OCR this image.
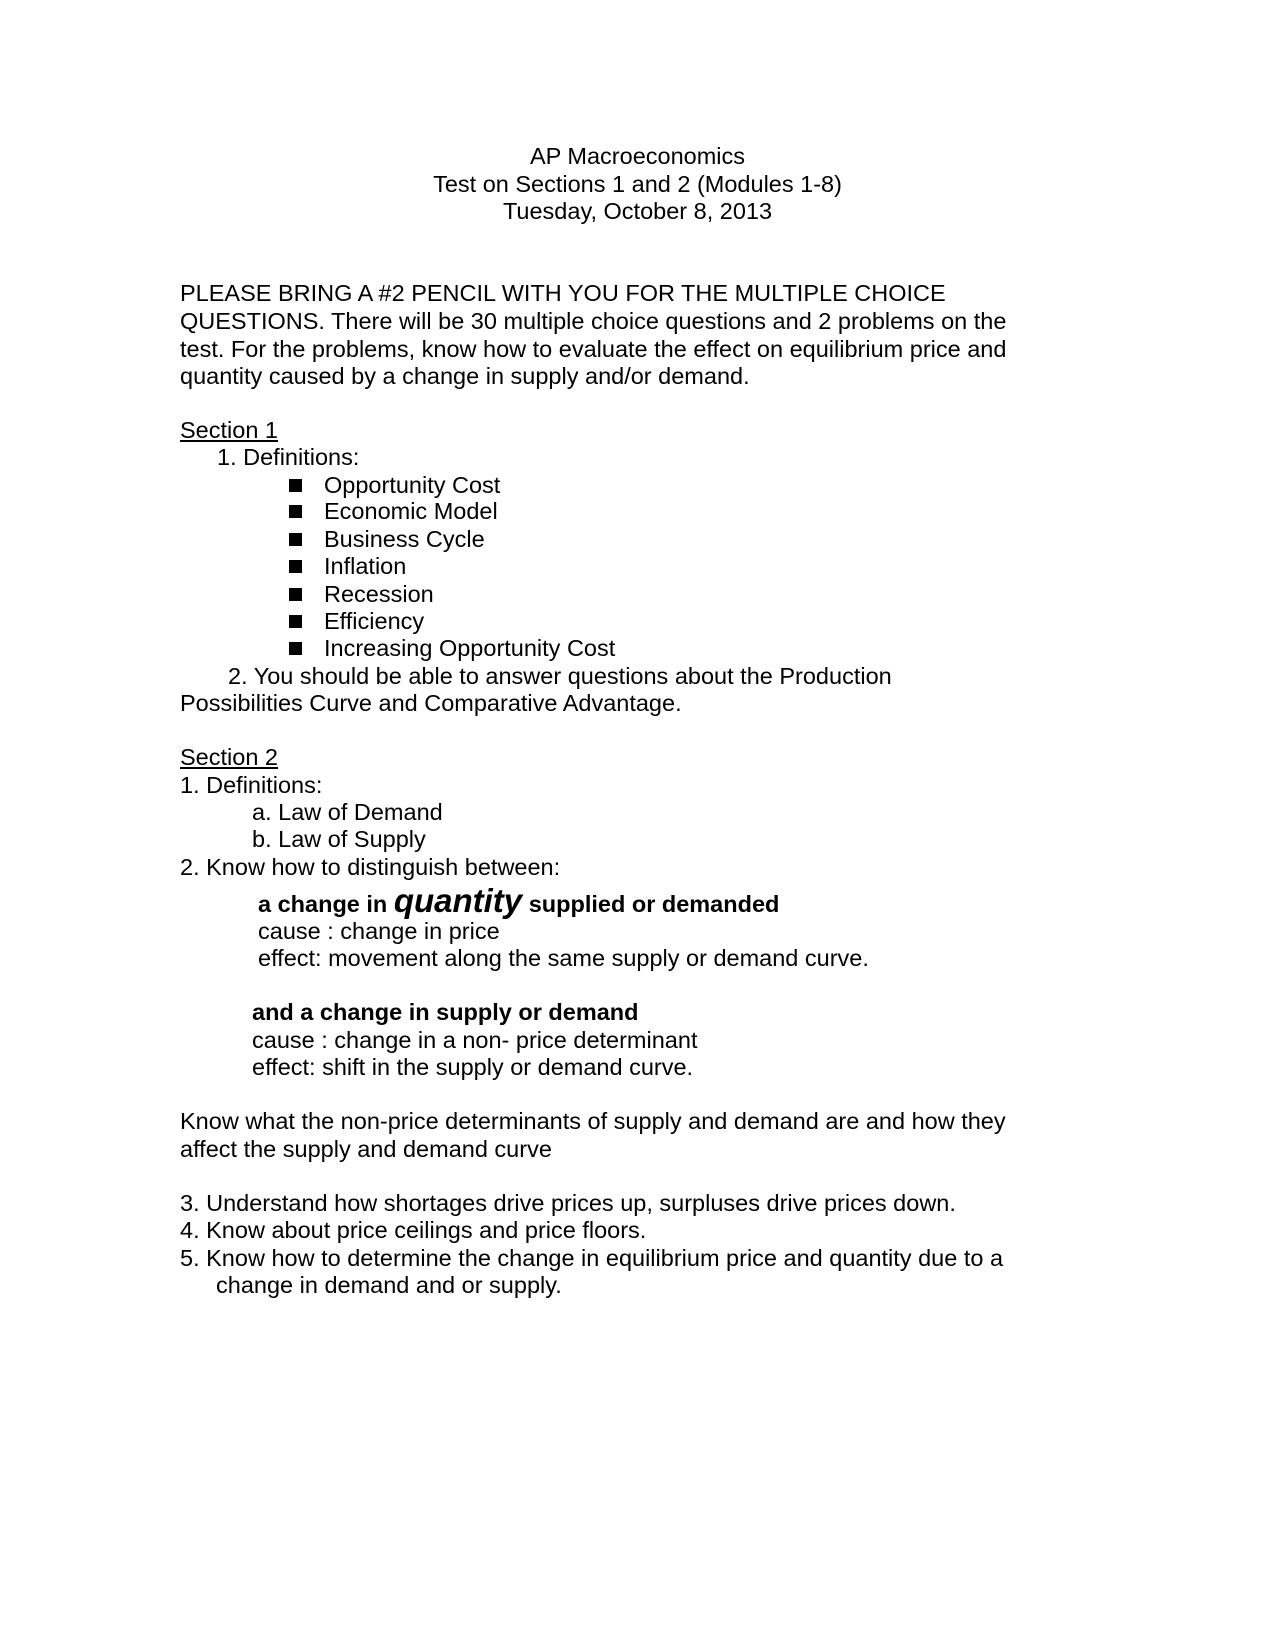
AP Macroeconomics
Test on Sections 1 and 2 (Modules 1-8)
Tuesday, October 8, 2013
PLEASE BRING A #2 PENCIL WITH YOU FOR THE MULTIPLE CHOICE
QUESTIONS. There will be 30 multiple choice questions and 2 problems on the
test. For the problems, know how to evaluate the effect on equilibrium price and
quantity caused by a change in supply and/or demand.
Section 1
1. Definitions:
Opportunity Cost
Economic Model
Business Cycle
Inflation
Recession
Efficiency
Increasing Opportunity Cost
2. You should be able to answer questions about the Production
Possibilities Curve and Comparative Advantage.
Section 2
1. Definitions:
a. Law of Demand
b. Law of Supply
2. Know how to distinguish between:
a change in quantity supplied or demanded
cause : change in price
effect: movement along the same supply or demand curve.
and a change in supply or demand
cause : change in a non- price determinant
effect: shift in the supply or demand curve.
Know what the non-price determinants of supply and demand are and how they
affect the supply and demand curve
3. Understand how shortages drive prices up, surpluses drive prices down.
4. Know about price ceilings and price floors.
5. Know how to determine the change in equilibrium price and quantity due to a
change in demand and or supply.
